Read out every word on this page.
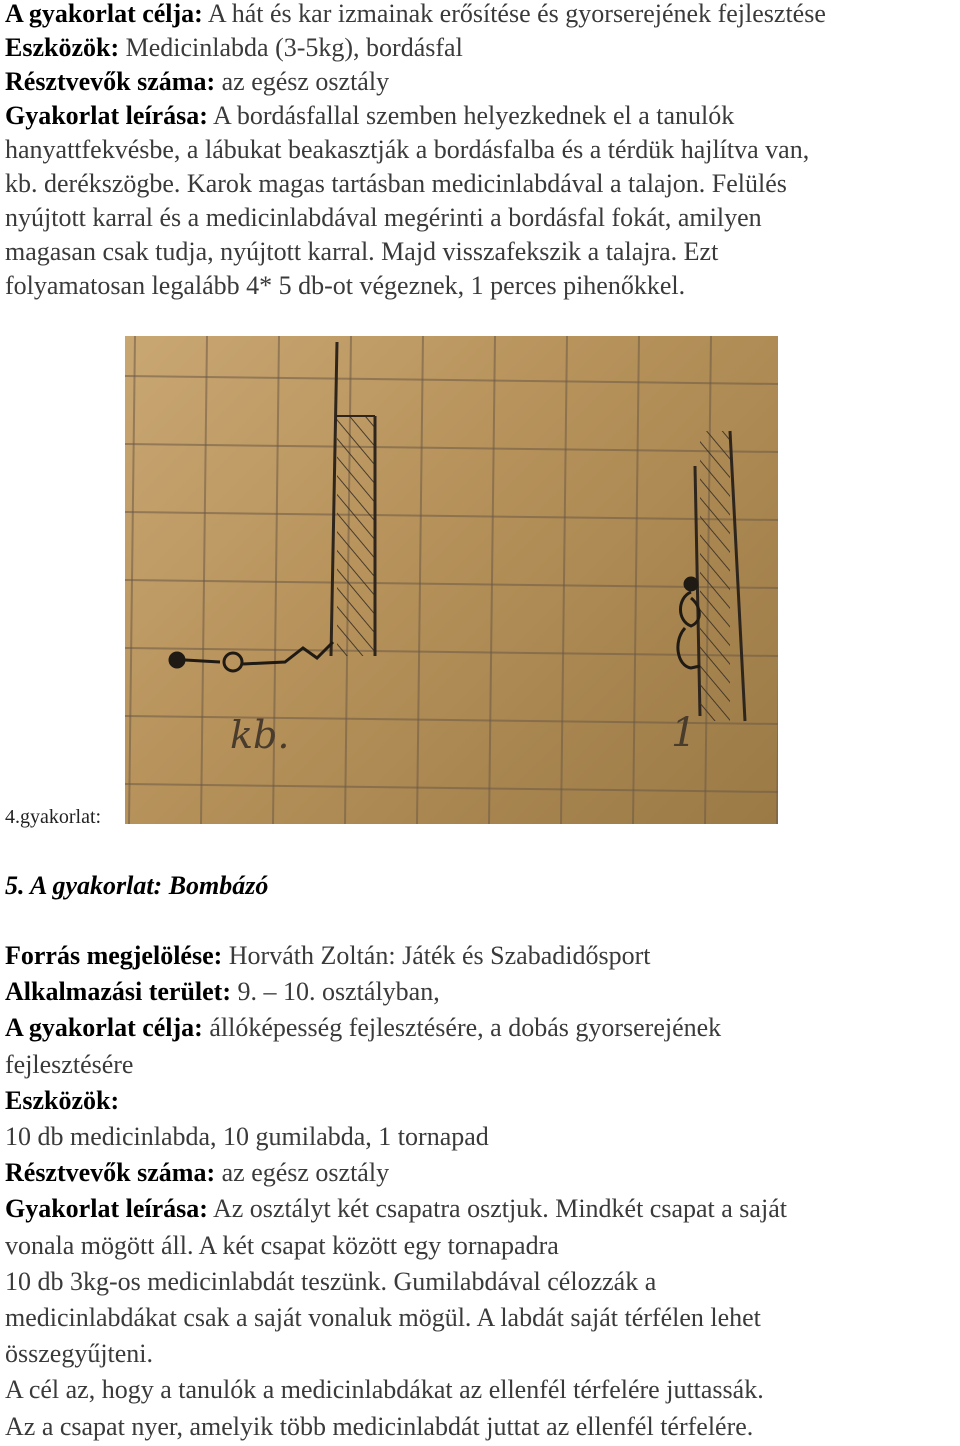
A gyakorlat célja: A hát és kar izmainak erősítése és gyorserejének fejlesztése
Eszközök: Medicinlabda (3-5kg), bordásfal
Résztvevők száma: az egész osztály
Gyakorlat leírása: A bordásfallal szemben helyezkednek el a tanulók
hanyattfekvésbe, a lábukat beakasztják a bordásfalba és a térdük hajlítva van,
kb. derékszögbe. Karok magas tartásban medicinlabdával a talajon. Felülés
nyújtott karral és a medicinlabdával megérinti a bordásfal fokát, amilyen
magasan csak tudja, nyújtott karral. Majd visszafekszik a talajra. Ezt
folyamatosan legalább 4* 5 db-ot végeznek, 1 perces pihenőkkel.
kb.	1
4.gyakorlat:
5. A gyakorlat: Bombázó
Forrás megjelölése: Horváth Zoltán: Játék és Szabadidősport
Alkalmazási terület: 9. – 10. osztályban,
A gyakorlat célja: állóképesség fejlesztésére, a dobás gyorserejének
fejlesztésére
Eszközök:
10 db medicinlabda, 10 gumilabda, 1 tornapad
Résztvevők száma: az egész osztály
Gyakorlat leírása: Az osztályt két csapatra osztjuk. Mindkét csapat a saját
vonala mögött áll. A két csapat között egy tornapadra
10 db 3kg-os medicinlabdát teszünk. Gumilabdával célozzák a
medicinlabdákat csak a saját vonaluk mögül. A labdát saját térfélen lehet
összegyűjteni.
A cél az, hogy a tanulók a medicinlabdákat az ellenfél térfelére juttassák.
Az a csapat nyer, amelyik több medicinlabdát juttat az ellenfél térfelére.
